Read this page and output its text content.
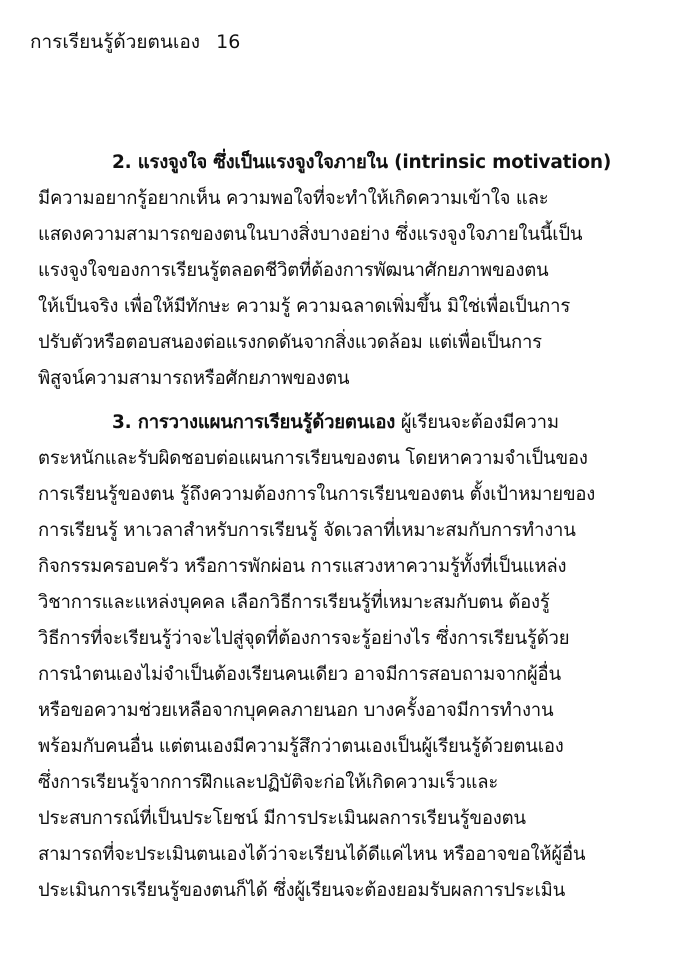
การเรียนรู้ด้วยตนเอง 16
2. แรงจูงใจ ซึ่งเป็นแรงจูงใจภายใน (intrinsic motivation)
มีความอยากรู้อยากเห็น ความพอใจที่จะทำให้เกิดความเข้าใจ และ
แสดงความสามารถของตนในบางสิ่งบางอย่าง ซึ่งแรงจูงใจภายในนี้เป็น
แรงจูงใจของการเรียนรู้ตลอดชีวิตที่ต้องการพัฒนาศักยภาพของตน
ให้เป็นจริง เพื่อให้มีทักษะ ความรู้ ความฉลาดเพิ่มขึ้น มิใช่เพื่อเป็นการ
ปรับตัวหรือตอบสนองต่อแรงกดดันจากสิ่งแวดล้อม แต่เพื่อเป็นการ
พิสูจน์ความสามารถหรือศักยภาพของตน
3. การวางแผนการเรียนรู้ด้วยตนเอง ผู้เรียนจะต้องมีความ
ตระหนักและรับผิดชอบต่อแผนการเรียนของตน โดยหาความจำเป็นของ
การเรียนรู้ของตน รู้ถึงความต้องการในการเรียนของตน ตั้งเป้าหมายของ
การเรียนรู้ หาเวลาสำหรับการเรียนรู้ จัดเวลาที่เหมาะสมกับการทำงาน
กิจกรรมครอบครัว หรือการพักผ่อน การแสวงหาความรู้ทั้งที่เป็นแหล่ง
วิชาการและแหล่งบุคคล เลือกวิธีการเรียนรู้ที่เหมาะสมกับตน ต้องรู้
วิธีการที่จะเรียนรู้ว่าจะไปสู่จุดที่ต้องการจะรู้อย่างไร ซึ่งการเรียนรู้ด้วย
การนำตนเองไม่จำเป็นต้องเรียนคนเดียว อาจมีการสอบถามจากผู้อื่น
หรือขอความช่วยเหลือจากบุคคลภายนอก บางครั้งอาจมีการทำงาน
พร้อมกับคนอื่น แต่ตนเองมีความรู้สึกว่าตนเองเป็นผู้เรียนรู้ด้วยตนเอง
ซึ่งการเรียนรู้จากการฝึกและปฏิบัติจะก่อให้เกิดความเร็วและ
ประสบการณ์ที่เป็นประโยชน์ มีการประเมินผลการเรียนรู้ของตน
สามารถที่จะประเมินตนเองได้ว่าจะเรียนได้ดีแค่ไหน หรืออาจขอให้ผู้อื่น
ประเมินการเรียนรู้ของตนก็ได้ ซึ่งผู้เรียนจะต้องยอมรับผลการประเมิน
